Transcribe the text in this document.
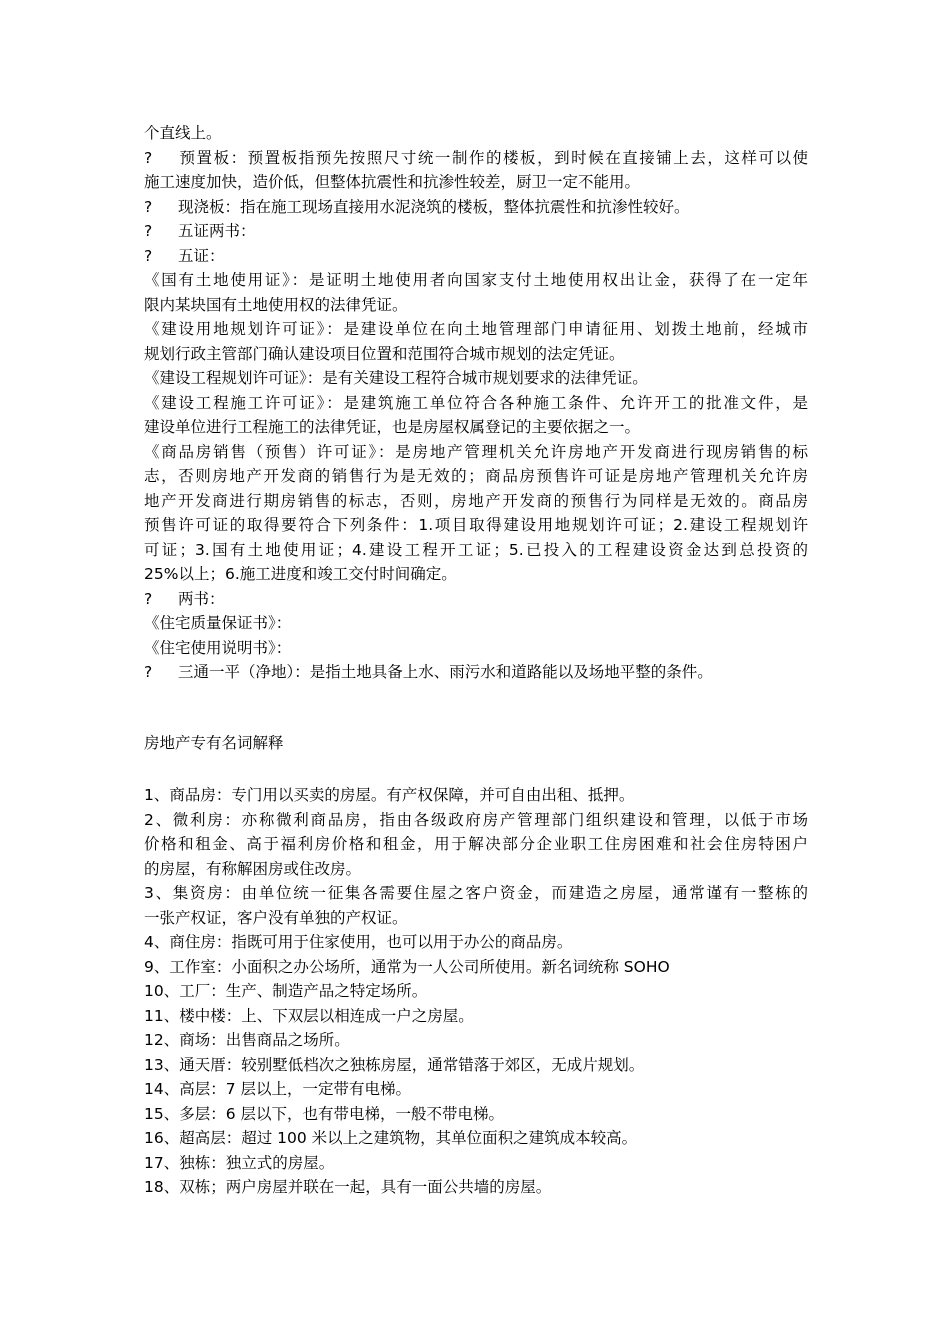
个直线上。
? 预置板：预置板指预先按照尺寸统一制作的楼板，到时候在直接铺上去，这样可以使
施工速度加快，造价低，但整体抗震性和抗渗性较差，厨卫一定不能用。
? 现浇板：指在施工现场直接用水泥浇筑的楼板，整体抗震性和抗渗性较好。
? 五证两书：
? 五证：
《国有土地使用证》：是证明土地使用者向国家支付土地使用权出让金，获得了在一定年
限内某块国有土地使用权的法律凭证。
《建设用地规划许可证》：是建设单位在向土地管理部门申请征用、划拨土地前，经城市
规划行政主管部门确认建设项目位置和范围符合城市规划的法定凭证。
《建设工程规划许可证》：是有关建设工程符合城市规划要求的法律凭证。
《建设工程施工许可证》：是建筑施工单位符合各种施工条件、允许开工的批准文件，是
建设单位进行工程施工的法律凭证，也是房屋权属登记的主要依据之一。
《商品房销售（预售）许可证》：是房地产管理机关允许房地产开发商进行现房销售的标
志，否则房地产开发商的销售行为是无效的；商品房预售许可证是房地产管理机关允许房
地产开发商进行期房销售的标志，否则，房地产开发商的预售行为同样是无效的。商品房
预售许可证的取得要符合下列条件：1.项目取得建设用地规划许可证；2.建设工程规划许
可证；3.国有土地使用证；4.建设工程开工证；5.已投入的工程建设资金达到总投资的
25%以上；6.施工进度和竣工交付时间确定。
? 两书：
《住宅质量保证书》：
《住宅使用说明书》：
? 三通一平（净地）：是指土地具备上水、雨污水和道路能以及场地平整的条件。
房地产专有名词解释
1、商品房：专门用以买卖的房屋。有产权保障，并可自由出租、抵押。
2、微利房：亦称微利商品房，指由各级政府房产管理部门组织建设和管理，以低于市场
价格和租金、高于福利房价格和租金，用于解决部分企业职工住房困难和社会住房特困户
的房屋，有称解困房或住改房。
3、集资房：由单位统一征集各需要住屋之客户资金，而建造之房屋，通常谨有一整栋的
一张产权证，客户没有单独的产权证。
4、商住房：指既可用于住家使用，也可以用于办公的商品房。
9、工作室：小面积之办公场所，通常为一人公司所使用。新名词统称 SOHO
10、工厂：生产、制造产品之特定场所。
11、楼中楼：上、下双层以相连成一户之房屋。
12、商场：出售商品之场所。
13、通天厝：较别墅低档次之独栋房屋，通常错落于郊区，无成片规划。
14、高层：7 层以上，一定带有电梯。
15、多层：6 层以下，也有带电梯，一般不带电梯。
16、超高层：超过 100 米以上之建筑物，其单位面积之建筑成本较高。
17、独栋：独立式的房屋。
18、双栋；两户房屋并联在一起，具有一面公共墙的房屋。
